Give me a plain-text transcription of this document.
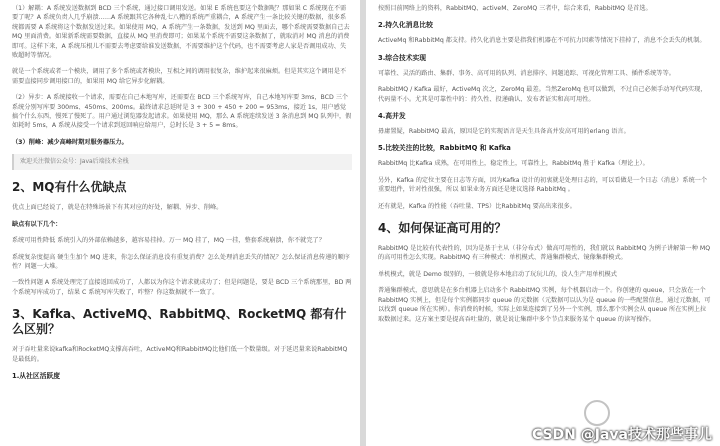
（1）解耦：A 系统发送数据到 BCD 三个系统，通过接口调用发送。如果 E 系统也要这个数据呢？那如果 C 系统现在不需要了呢？A 系统负责人几乎崩溃……A 系统跟其它各种乱七八糟的系统严重耦合，A 系统产生一条比较关键的数据，很多系统都需要 A 系统将这个数据发送过来。如果使用 MQ，A 系统产生一条数据，发送到 MQ 里面去，哪个系统需要数据自己去 MQ 里面消费。如果新系统需要数据，直接从 MQ 里消费即可；如果某个系统不需要这条数据了，就取消对 MQ 消息的消费即可。这样下来，A 系统压根儿不需要去考虑要给谁发送数据，不需要维护这个代码，也不需要考虑人家是否调用成功、失败超时等情况。

就是一个系统或者一个模块，调用了多个系统或者模块，互相之间的调用很复杂，维护起来很麻烦。但是其实这个调用是不需要直接同步调用接口的，如果用 MQ 给它异步化解耦。

（2）异步：A 系统接收一个请求，需要在自己本地写库，还需要在 BCD 三个系统写库，自己本地写库要 3ms，BCD 三个系统分别写库要 300ms、450ms、200ms。最终请求总延时是 3 + 300 + 450 + 200 = 953ms，接近 1s，用户感觉搞个什么东西，慢死了慢死了。用户通过浏览器发起请求。如果使用 MQ，那么 A 系统连续发送 3 条消息到 MQ 队列中，假如耗时 5ms，A 系统从接受一个请求到返回响应给用户，总时长是 3 + 5 = 8ms。

（3）削峰：减少高峰时期对服务器压力。

欢迎关注微信公众号：Java后端技术全栈
2、MQ有什么优缺点

优点上面已经说了，就是在特殊场景下有其对应的好处，解耦、异步、削峰。

缺点有以下几个：

系统可用性降低 系统引入的外部依赖越多，越容易挂掉。万一 MQ 挂了，MQ 一挂，整套系统崩溃，你不就完了？

系统复杂度提高 硬生生加个 MQ 进来，你怎么保证消息没有重复消费？怎么处理消息丢失的情况？怎么保证消息传递的顺序性？问题一大堆。

一致性问题 A 系统处理完了直接返回成功了，人都以为你这个请求就成功了；但是问题是，要是 BCD 三个系统那里，BD 两个系统写库成功了，结果 C 系统写库失败了，咋整？你这数据就不一致了。

3、Kafka、ActiveMQ、RabbitMQ、RocketMQ 都有什么区别？

对于吞吐量来说kafka和RocketMQ支撑高吞吐，ActiveMQ和RabbitMQ比他们低一个数量级。对于延迟量来说RabbitMQ是最低的。

1.从社区活跃度

按照目前网络上的资料，RabbitMQ、activeM、ZeroMQ 三者中，综合来看，RabbitMQ 是首选。

2.持久化消息比较

ActiveMq 和RabbitMq 都支持。持久化消息主要是指我们机器在不可抗力因素等情况下挂掉了，消息不会丢失的机制。

3.综合技术实现

可靠性、灵活的路由、集群、事务、高可用的队列、消息排序、问题追踪、可视化管理工具、插件系统等等。

RabbitMQ / Kafka 最好，ActiveMq 次之，ZeroMq 最差。当然ZeroMq 也可以做到，不过自己必须手动写代码实现，代码量不小。尤其是可靠性中的：持久性、投递确认、发布者证实和高可用性。

4.高并发

毋庸置疑，RabbitMQ 最高，原因是它的实现语言是天生具备高并发高可用的erlang 语言。

5.比较关注的比较，RabbitMQ 和 Kafka

RabbitMq 比Kafka 成熟，在可用性上，稳定性上，可靠性上，RabbitMq 胜于 Kafka（理论上）。

另外，Kafka 的定位主要在日志等方面，因为Kafka 设计的初衷就是处理日志的，可以看做是一个日志（消息）系统一个重要组件，针对性很强，所以 如果业务方面还是建议选择 RabbitMq 。

还有就是，Kafka 的性能（吞吐量、TPS）比RabbitMq 要高出来很多。

4、如何保证高可用的？

RabbitMQ 是比较有代表性的，因为是基于主从（非分布式）做高可用性的，我们就以 RabbitMQ 为例子讲解第一种 MQ 的高可用性怎么实现。RabbitMQ 有三种模式：单机模式、普通集群模式、镜像集群模式。

单机模式，就是 Demo 级别的，一般就是你本地启动了玩玩儿的，没人生产用单机模式

普通集群模式，意思就是在多台机器上启动多个 RabbitMQ 实例，每个机器启动一个。你创建的 queue，只会放在一个 RabbitMQ 实例上，但是每个实例都同步 queue 的元数据（元数据可以认为是 queue 的一些配置信息，通过元数据，可以找到 queue 所在实例）。你消费的时候，实际上如果连接到了另外一个实例，那么那个实例会从 queue 所在实例上拉取数据过来。这方案主要是提高吞吐量的，就是说让集群中多个节点来服务某个 queue 的读写操作。

CSDN @Java技术那些事儿
